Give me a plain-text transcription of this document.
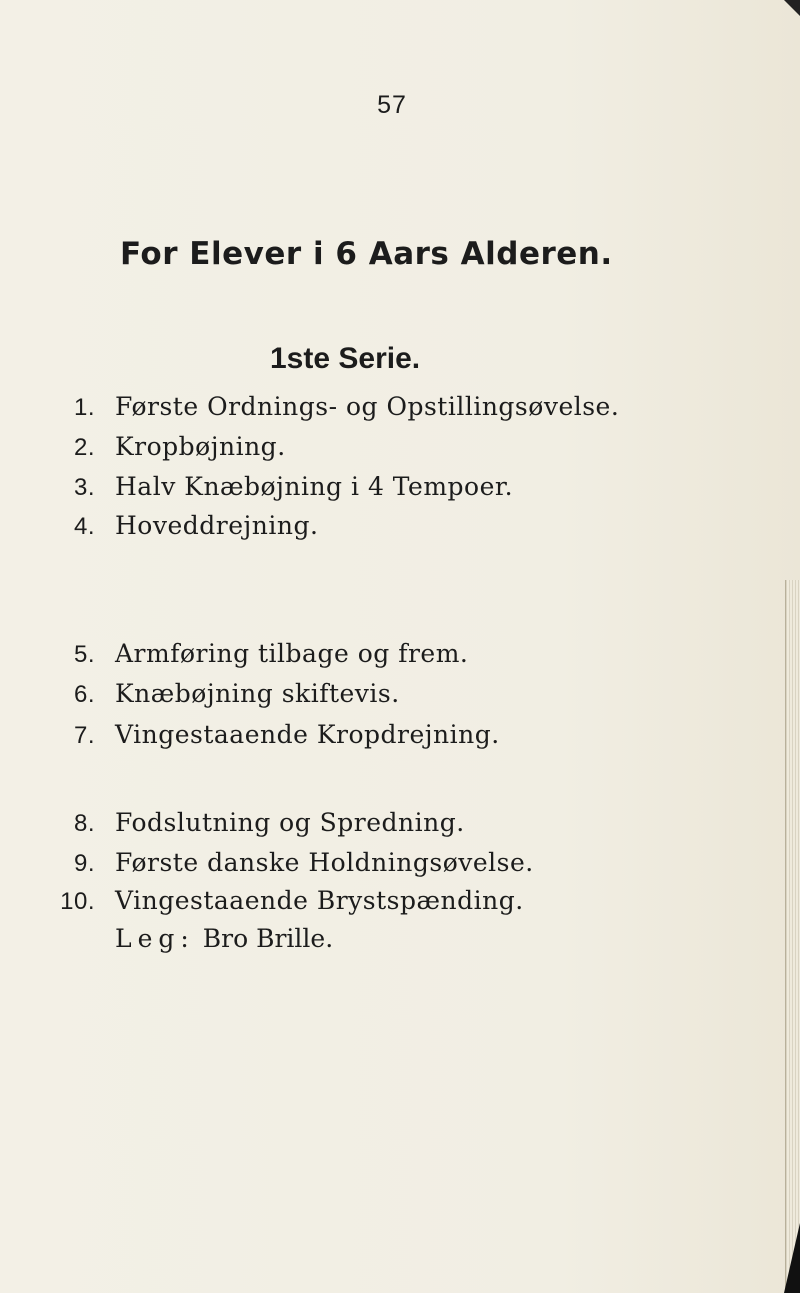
57
For Elever i 6 Aars Alderen.
1ste Serie.
1. Første Ordnings- og Opstillingsøvelse.
2. Kropbøjning.
3. Halv Knæbøjning i 4 Tempoer.
4. Hoveddrejning.
5. Armføring tilbage og frem.
6. Knæbøjning skiftevis.
7. Vingestaaende Kropdrejning.
8. Fodslutning og Spredning.
9. Første danske Holdningsøvelse.
10. Vingestaaende Brystspænding.
Leg: Bro Brille.
